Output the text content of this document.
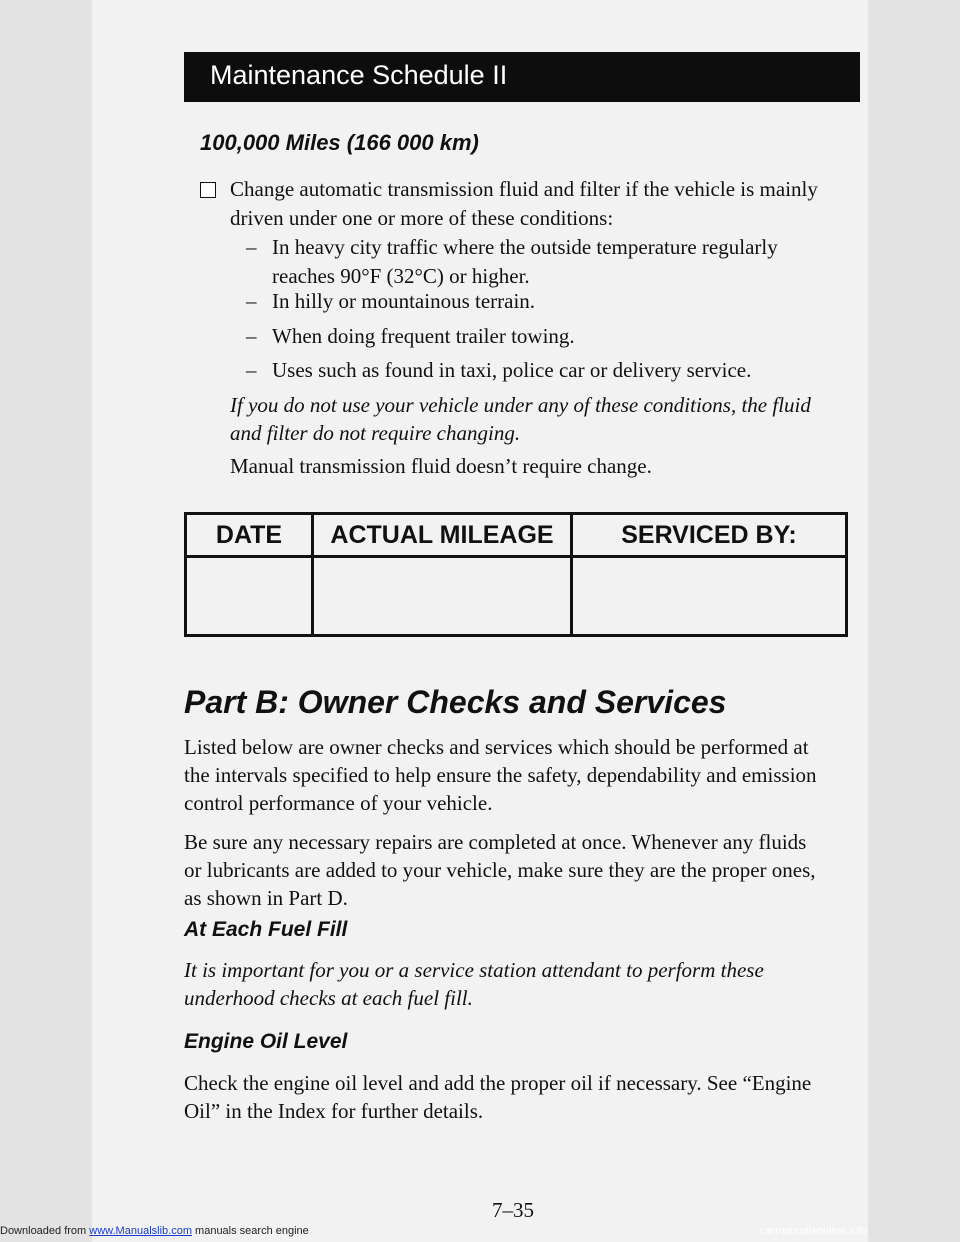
Maintenance Schedule II
100,000 Miles (166 000 km)
Change automatic transmission fluid and filter if the vehicle is mainly
driven under one or more of these conditions:
– In heavy city traffic where the outside temperature regularly
reaches 90°F (32°C) or higher.
– In hilly or mountainous terrain.
– When doing frequent trailer towing.
– Uses such as found in taxi, police car or delivery service.
If you do not use your vehicle under any of these conditions, the fluid
and filter do not require changing.
Manual transmission fluid doesn’t require change.
DATE	ACTUAL MILEAGE	SERVICED BY:

Part B: Owner Checks and Services
Listed below are owner checks and services which should be performed at
the intervals specified to help ensure the safety, dependability and emission
control performance of your vehicle.
Be sure any necessary repairs are completed at once. Whenever any fluids
or lubricants are added to your vehicle, make sure they are the proper ones,
as shown in Part D.
At Each Fuel Fill
It is important for you or a service station attendant to perform these
underhood checks at each fuel fill.
Engine Oil Level
Check the engine oil level and add the proper oil if necessary. See “Engine
Oil” in the Index for further details.
7–35
Downloaded from www.Manualslib.com manuals search engine	carmanualsonline.info
